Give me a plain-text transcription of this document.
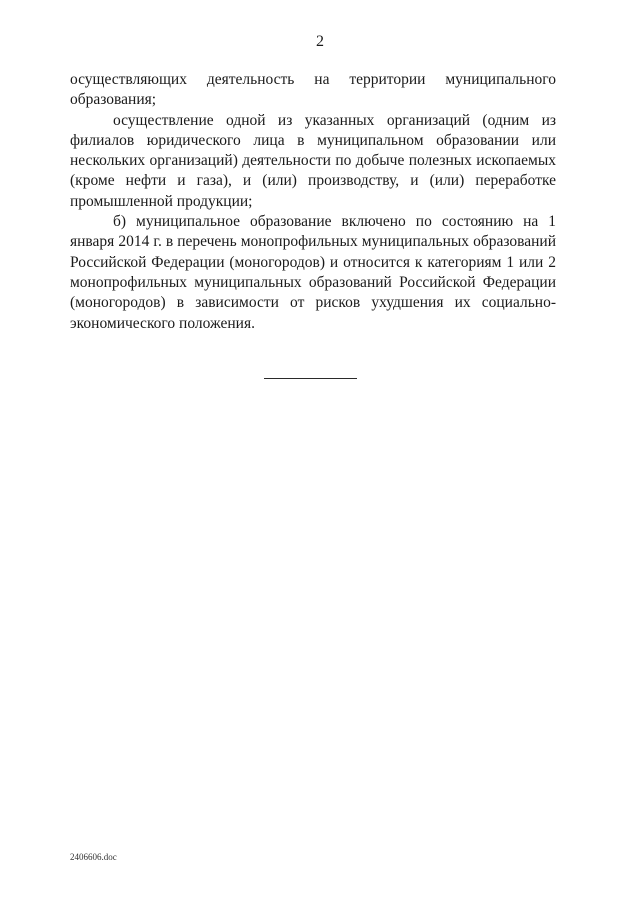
2

осуществляющих деятельность на территории муниципального образования;

осуществление одной из указанных организаций (одним из филиалов юридического лица в муниципальном образовании или нескольких организаций) деятельности по добыче полезных ископаемых (кроме нефти и газа), и (или) производству, и (или) переработке промышленной продукции;

б) муниципальное образование включено по состоянию на 1 января 2014 г. в перечень монопрофильных муниципальных образований Российской Федерации (моногородов) и относится к категориям 1 или 2 монопрофильных муниципальных образований Российской Федерации (моногородов) в зависимости от рисков ухудшения их социально-экономического положения.

2406606.doc
